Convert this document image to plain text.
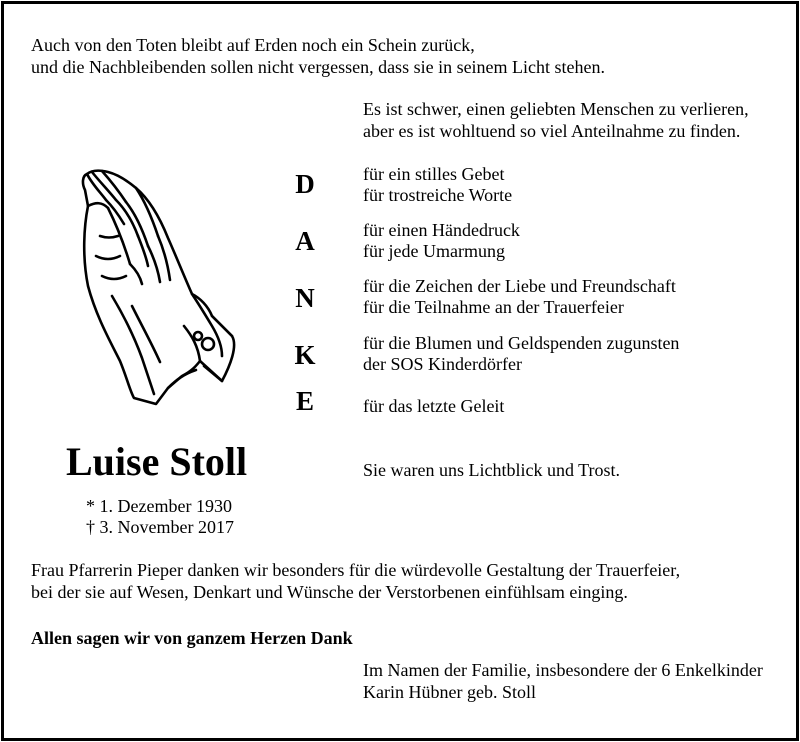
Auch von den Toten bleibt auf Erden noch ein Schein zurück,
und die Nachbleibenden sollen nicht vergessen, dass sie in seinem Licht stehen.
Es ist schwer, einen geliebten Menschen zu verlieren,
aber es ist wohltuend so viel Anteilnahme zu finden.
D
A
N
K
E
für ein stilles Gebet
für trostreiche Worte
für einen Händedruck
für jede Umarmung
für die Zeichen der Liebe und Freundschaft
für die Teilnahme an der Trauerfeier
für die Blumen und Geldspenden zugunsten
der SOS Kinderdörfer
für das letzte Geleit
Luise Stoll	Sie waren uns Lichtblick und Trost.
* 1. Dezember 1930
† 3. November 2017
Frau Pfarrerin Pieper danken wir besonders für die würdevolle Gestaltung der Trauerfeier,
bei der sie auf Wesen, Denkart und Wünsche der Verstorbenen einfühlsam einging.
Allen sagen wir von ganzem Herzen Dank
Im Namen der Familie, insbesondere der 6 Enkelkinder
Karin Hübner geb. Stoll
